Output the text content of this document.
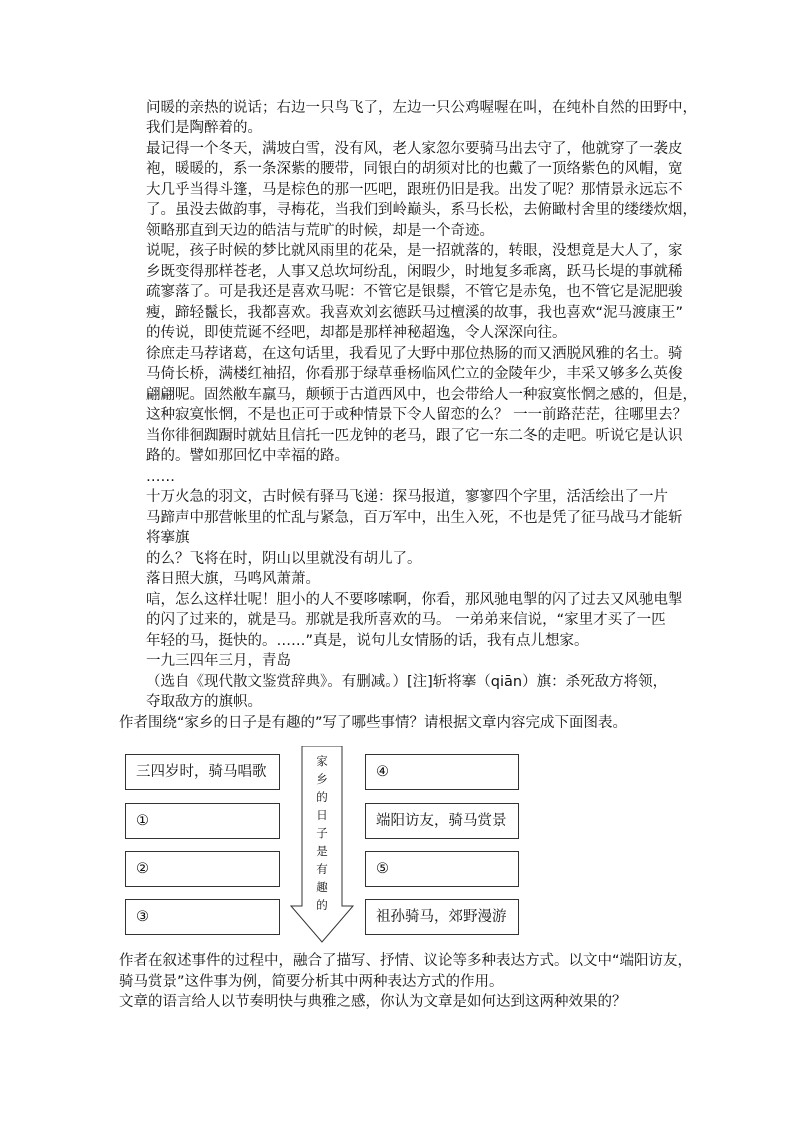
问暖的亲热的说话；右边一只鸟飞了，左边一只公鸡喔喔在叫，在纯朴自然的田野中，
我们是陶醉着的。
最记得一个冬天，满坡白雪，没有风，老人家忽尔要骑马出去守了，他就穿了一袭皮
袍，暖暖的，系一条深紫的腰带，同银白的胡须对比的也戴了一顶络紫色的风帽，宽
大几乎当得斗篷，马是棕色的那一匹吧，跟班仍旧是我。出发了呢？那情景永远忘不
了。虽没去做韵事，寻梅花，当我们到岭巅头，系马长松，去俯瞰村舍里的缕缕炊烟，
领略那直到天边的皓洁与荒旷的时候，却是一个奇迹。
说呢，孩子时候的梦比就风雨里的花朵，是一招就落的，转眼，没想竟是大人了，家
乡既变得那样苍老，人事又总坎坷纷乱，闲暇少，时地复多乖离，跃马长堤的事就稀
疏寥落了。可是我还是喜欢马呢：不管它是银鬃，不管它是赤兔，也不管它是泥肥骏
瘦，蹄轻鬣长，我都喜欢。我喜欢刘玄德跃马过檀溪的故事，我也喜欢“泥马渡康王”
的传说，即使荒诞不经吧，却都是那样神秘超逸，令人深深向往。
徐庶走马荐诸葛，在这句话里，我看见了大野中那位热肠的而又洒脱风雅的名士。骑
马倚长桥，满楼红袖招，你看那于绿草垂杨临风伫立的金陵年少，丰采又够多么英俊
翩翩呢。固然敝车羸马，颠顿于古道西风中，也会带给人一种寂寞怅惘之感的，但是，
这种寂寞怅惘，不是也正可于或种情景下令人留恋的么？ 一一前路茫茫，往哪里去？
当你徘徊踟蹰时就姑且信托一匹龙钟的老马，跟了它一东二冬的走吧。听说它是认识
路的。譬如那回忆中幸福的路。
……
十万火急的羽文，古时候有驿马飞递：探马报道，寥寥四个字里，活活绘出了一片
马蹄声中那营帐里的忙乱与紧急，百万军中，出生入死，不也是凭了征马战马才能斩
将搴旗
的么？飞将在时，阴山以里就没有胡儿了。
落日照大旗，马鸣风萧萧。
唁，怎么这样壮呢！胆小的人不要哆嗦啊，你看，那风驰电掣的闪了过去又风驰电掣
的闪了过来的，就是马。那就是我所喜欢的马。 一弟弟来信说，“家里才买了一匹
年轻的马，挺快的。……”真是，说句儿女情肠的话，我有点儿想家。
一九三四年三月，青岛
（选自《现代散文鉴赏辞典》。有删减。）[注]斩将搴（qiān）旗：杀死敌方将领，
夺取敌方的旗帜。
作者围绕“家乡的日子是有趣的”写了哪些事情？请根据文章内容完成下面图表。
三四岁时，骑马唱歌
①
②
③
④
端阳访友，骑马赏景
⑤
祖孙骑马，郊野漫游
家
乡
的
日
子
是
有
趣
的
作者在叙述事件的过程中，融合了描写、抒情、议论等多种表达方式。以文中“端阳访友，
骑马赏景”这件事为例，简要分析其中两种表达方式的作用。
文章的语言给人以节奏明快与典雅之感，你认为文章是如何达到这两种效果的？
